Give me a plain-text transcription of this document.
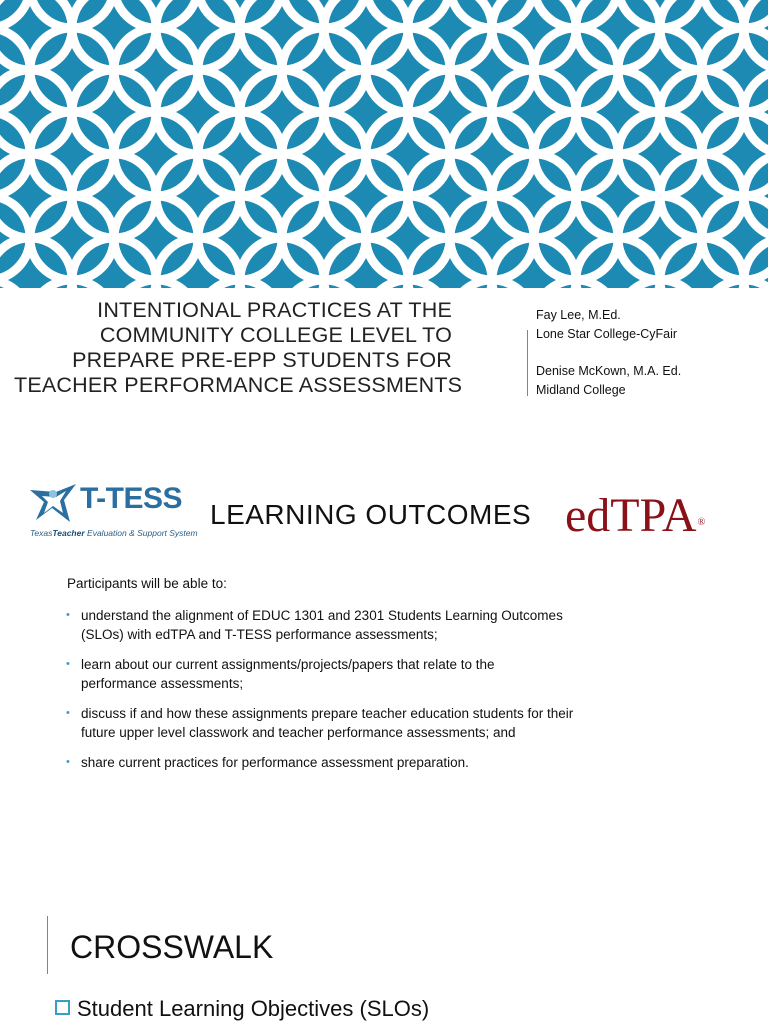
INTENTIONAL PRACTICES AT THE
COMMUNITY COLLEGE LEVEL TO
PREPARE PRE-EPP STUDENTS FOR
TEACHER PERFORMANCE ASSESSMENTS
Fay Lee, M.Ed.
Lone Star College-CyFair
Denise McKown, M.A. Ed.
Midland College
T-TESS
TexasTeacher Evaluation & Support System
LEARNING OUTCOMES edTPA®
Participants will be able to:
• understand the alignment of EDUC 1301 and 2301 Students Learning Outcomes
(SLOs) with edTPA and T-TESS performance assessments;
• learn about our current assignments/projects/papers that relate to the
performance assessments;
• discuss if and how these assignments prepare teacher education students for their
future upper level classwork and teacher performance assessments; and
• share current practices for performance assessment preparation.
CROSSWALK
Student Learning Objectives (SLOs)
